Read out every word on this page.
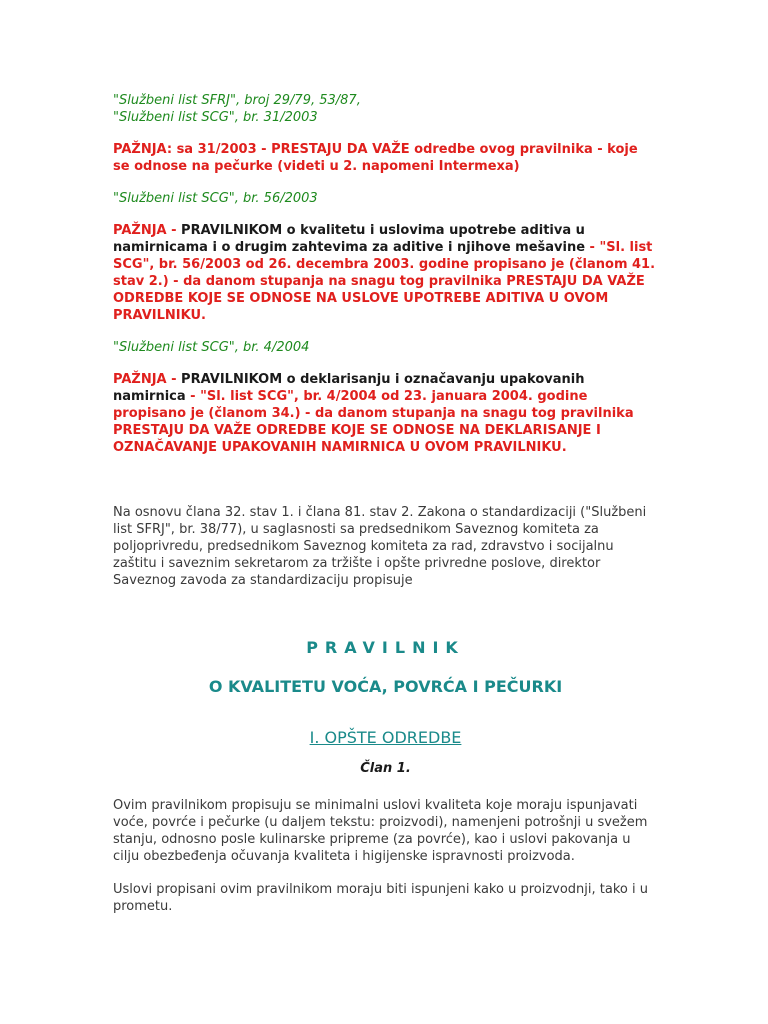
"Službeni list SFRJ", broj 29/79, 53/87,
"Službeni list SCG", br. 31/2003

PAŽNJA: sa 31/2003 - PRESTAJU DA VAŽE odredbe ovog pravilnika - koje se odnose na pečurke (videti u 2. napomeni Intermexa)

"Službeni list SCG", br. 56/2003

PAŽNJA - PRAVILNIKOM o kvalitetu i uslovima upotrebe aditiva u namirnicama i o drugim zahtevima za aditive i njihove mešavine - "Sl. list SCG", br. 56/2003 od 26. decembra 2003. godine propisano je (članom 41. stav 2.) - da danom stupanja na snagu tog pravilnika PRESTAJU DA VAŽE ODREDBE KOJE SE ODNOSE NA USLOVE UPOTREBE ADITIVA U OVOM PRAVILNIKU.

"Službeni list SCG", br. 4/2004

PAŽNJA - PRAVILNIKOM o deklarisanju i označavanju upakovanih namirnica - "Sl. list SCG", br. 4/2004 od 23. januara 2004. godine propisano je (članom 34.) - da danom stupanja na snagu tog pravilnika PRESTAJU DA VAŽE ODREDBE KOJE SE ODNOSE NA DEKLARISANJE I OZNAČAVANJE UPAKOVANIH NAMIRNICA U OVOM PRAVILNIKU.

Na osnovu člana 32. stav 1. i člana 81. stav 2. Zakona o standardizaciji ("Službeni list SFRJ", br. 38/77), u saglasnosti sa predsednikom Saveznog komiteta za poljoprivredu, predsednikom Saveznog komiteta za rad, zdravstvo i socijalnu zaštitu i saveznim sekretarom za tržište i opšte privredne poslove, direktor Saveznog zavoda za standardizaciju propisuje

PRAVILNIK

O KVALITETU VOĆA, POVRĆA I PEČURKI

I. OPŠTE ODREDBE

Član 1.

Ovim pravilnikom propisuju se minimalni uslovi kvaliteta koje moraju ispunjavati voće, povrće i pečurke (u daljem tekstu: proizvodi), namenjeni potrošnji u svežem stanju, odnosno posle kulinarske pripreme (za povrće), kao i uslovi pakovanja u cilju obezbeđenja očuvanja kvaliteta i higijenske ispravnosti proizvoda.

Uslovi propisani ovim pravilnikom moraju biti ispunjeni kako u proizvodnji, tako i u prometu.
